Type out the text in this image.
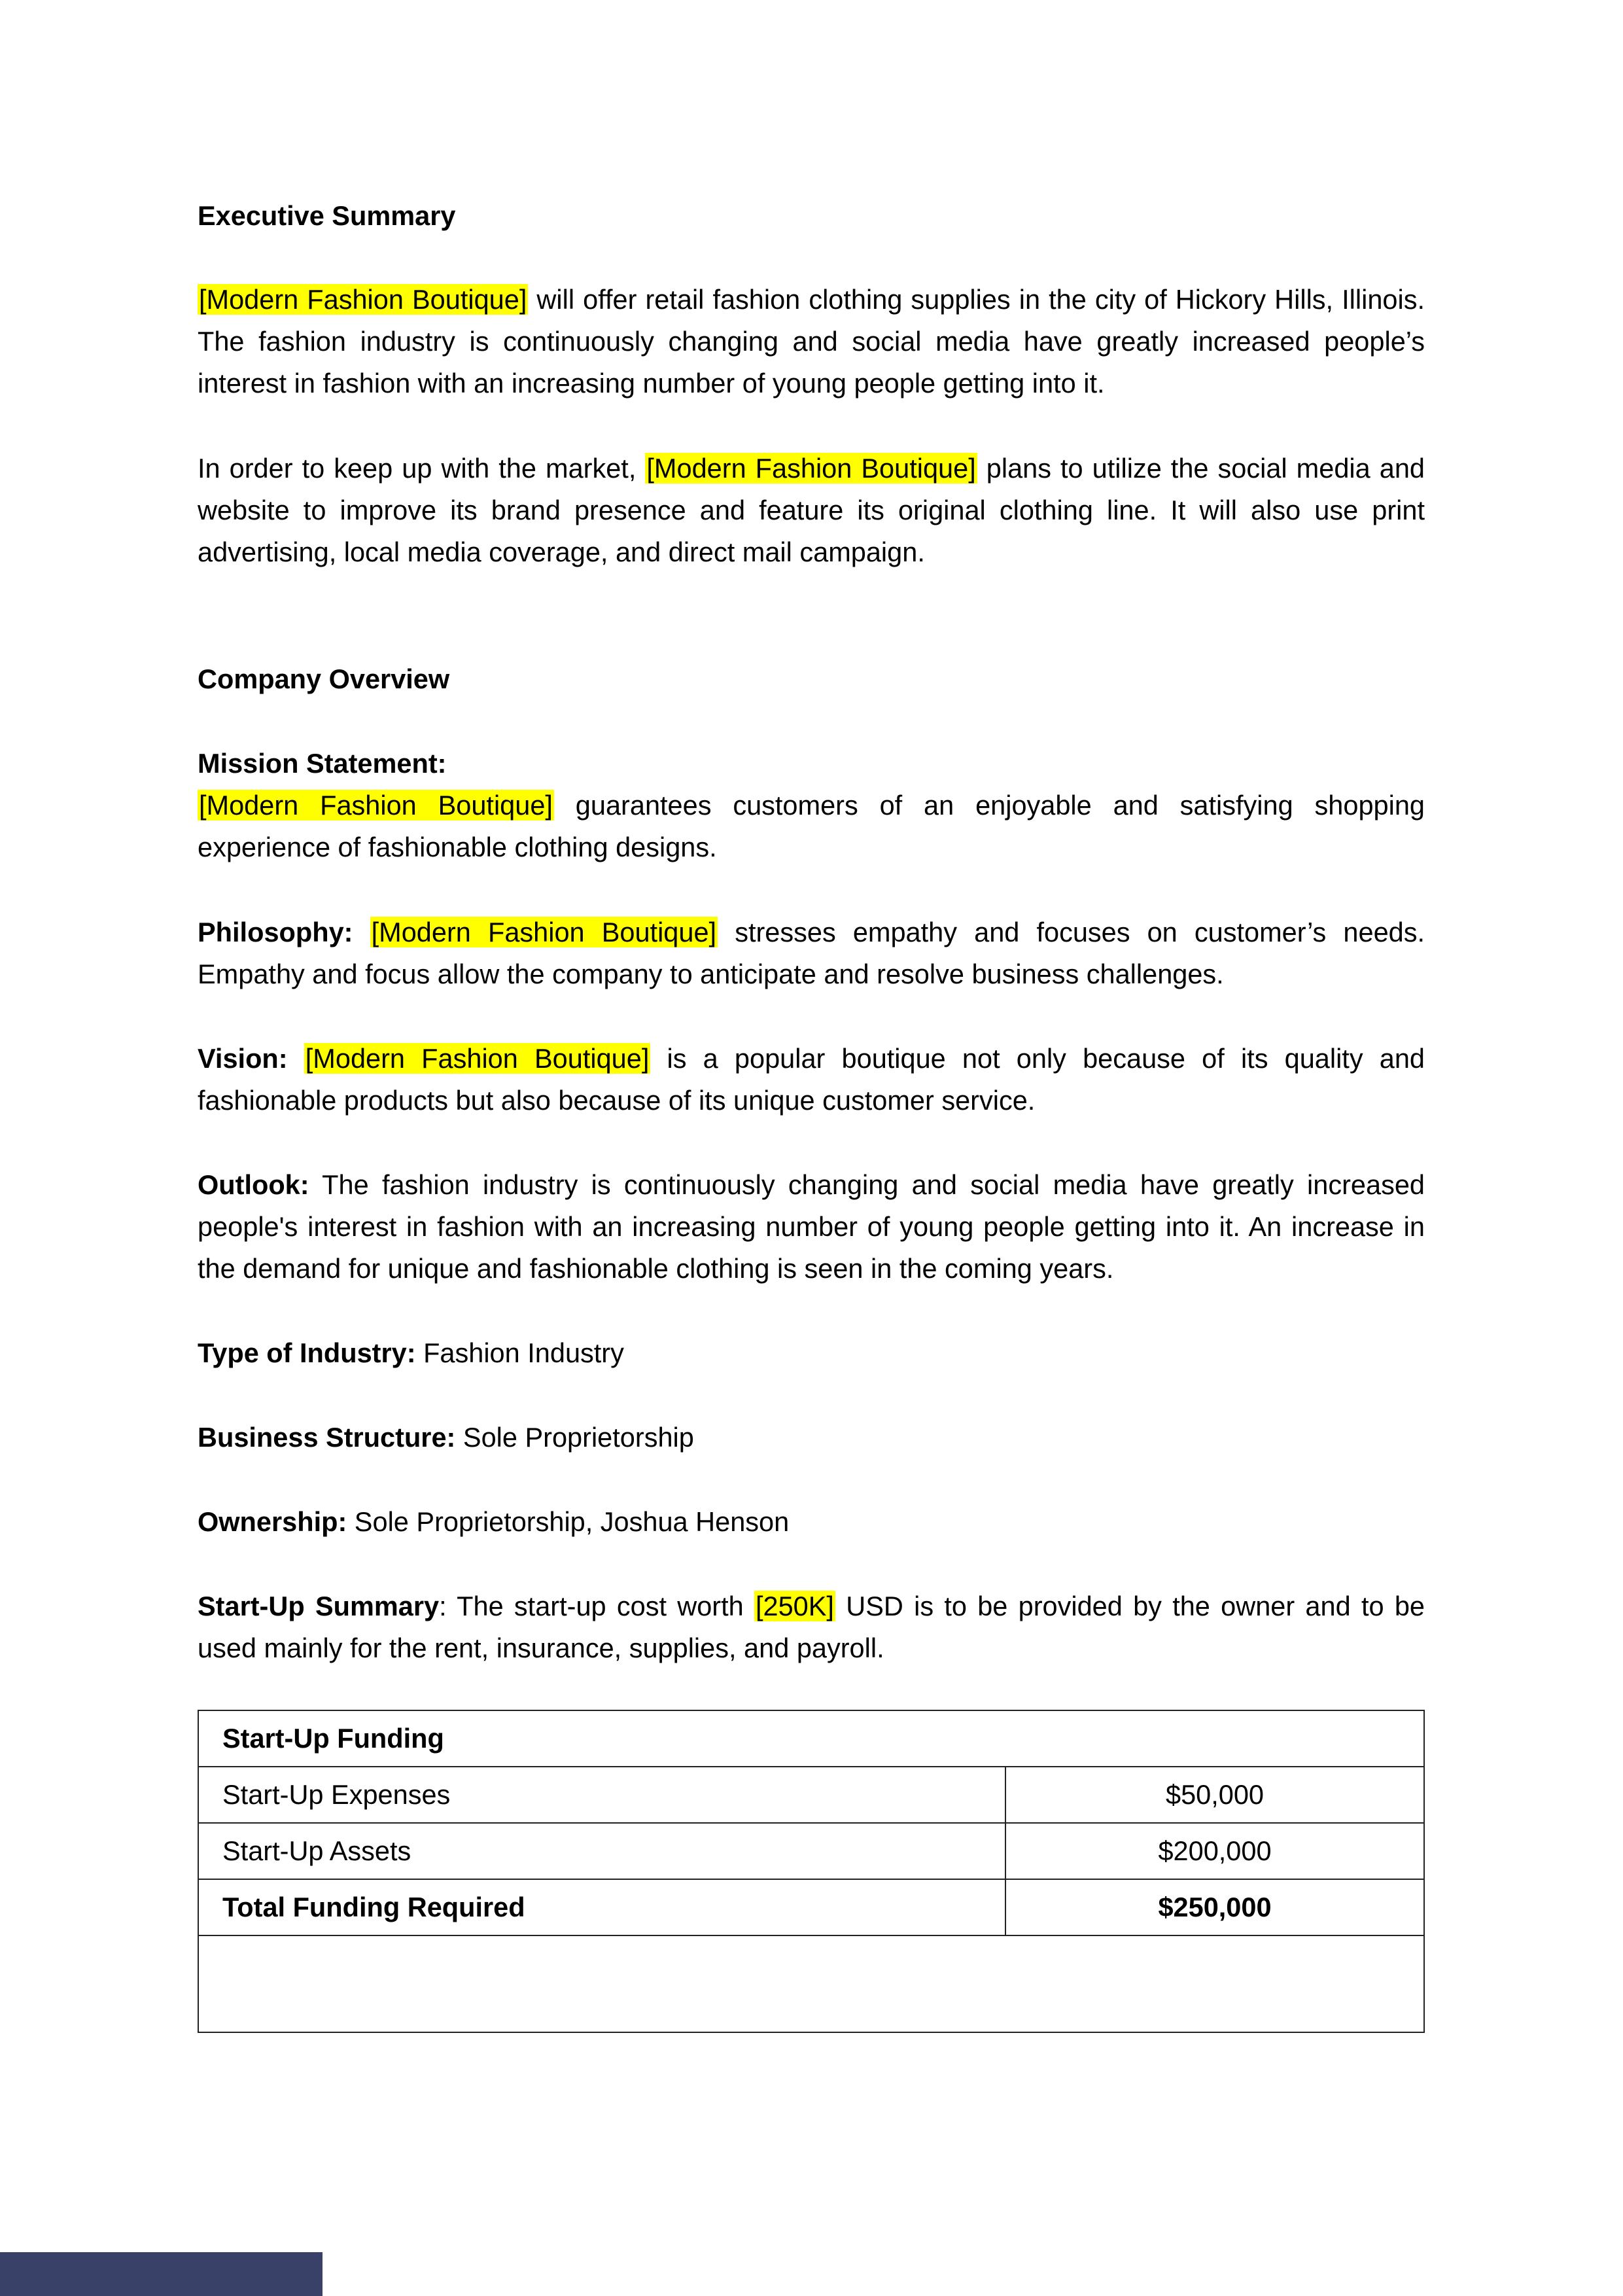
Executive Summary
[Modern Fashion Boutique] will offer retail fashion clothing supplies in the city of Hickory Hills, Illinois. The fashion industry is continuously changing and social media have greatly increased people’s interest in fashion with an increasing number of young people getting into it.
In order to keep up with the market, [Modern Fashion Boutique] plans to utilize the social media and website to improve its brand presence and feature its original clothing line. It will also use print advertising, local media coverage, and direct mail campaign.
Company Overview
Mission Statement:
[Modern Fashion Boutique] guarantees customers of an enjoyable and satisfying shopping experience of fashionable clothing designs.
Philosophy: [Modern Fashion Boutique] stresses empathy and focuses on customer’s needs. Empathy and focus allow the company to anticipate and resolve business challenges.
Vision: [Modern Fashion Boutique] is a popular boutique not only because of its quality and fashionable products but also because of its unique customer service.
Outlook: The fashion industry is continuously changing and social media have greatly increased people's interest in fashion with an increasing number of young people getting into it. An increase in the demand for unique and fashionable clothing is seen in the coming years.
Type of Industry: Fashion Industry
Business Structure: Sole Proprietorship
Ownership: Sole Proprietorship, Joshua Henson
Start-Up Summary: The start-up cost worth [250K] USD is to be provided by the owner and to be used mainly for the rent, insurance, supplies, and payroll.
Start-Up Funding	
Start-Up Expenses	$50,000
Start-Up Assets	$200,000
Total Funding Required	$250,000
